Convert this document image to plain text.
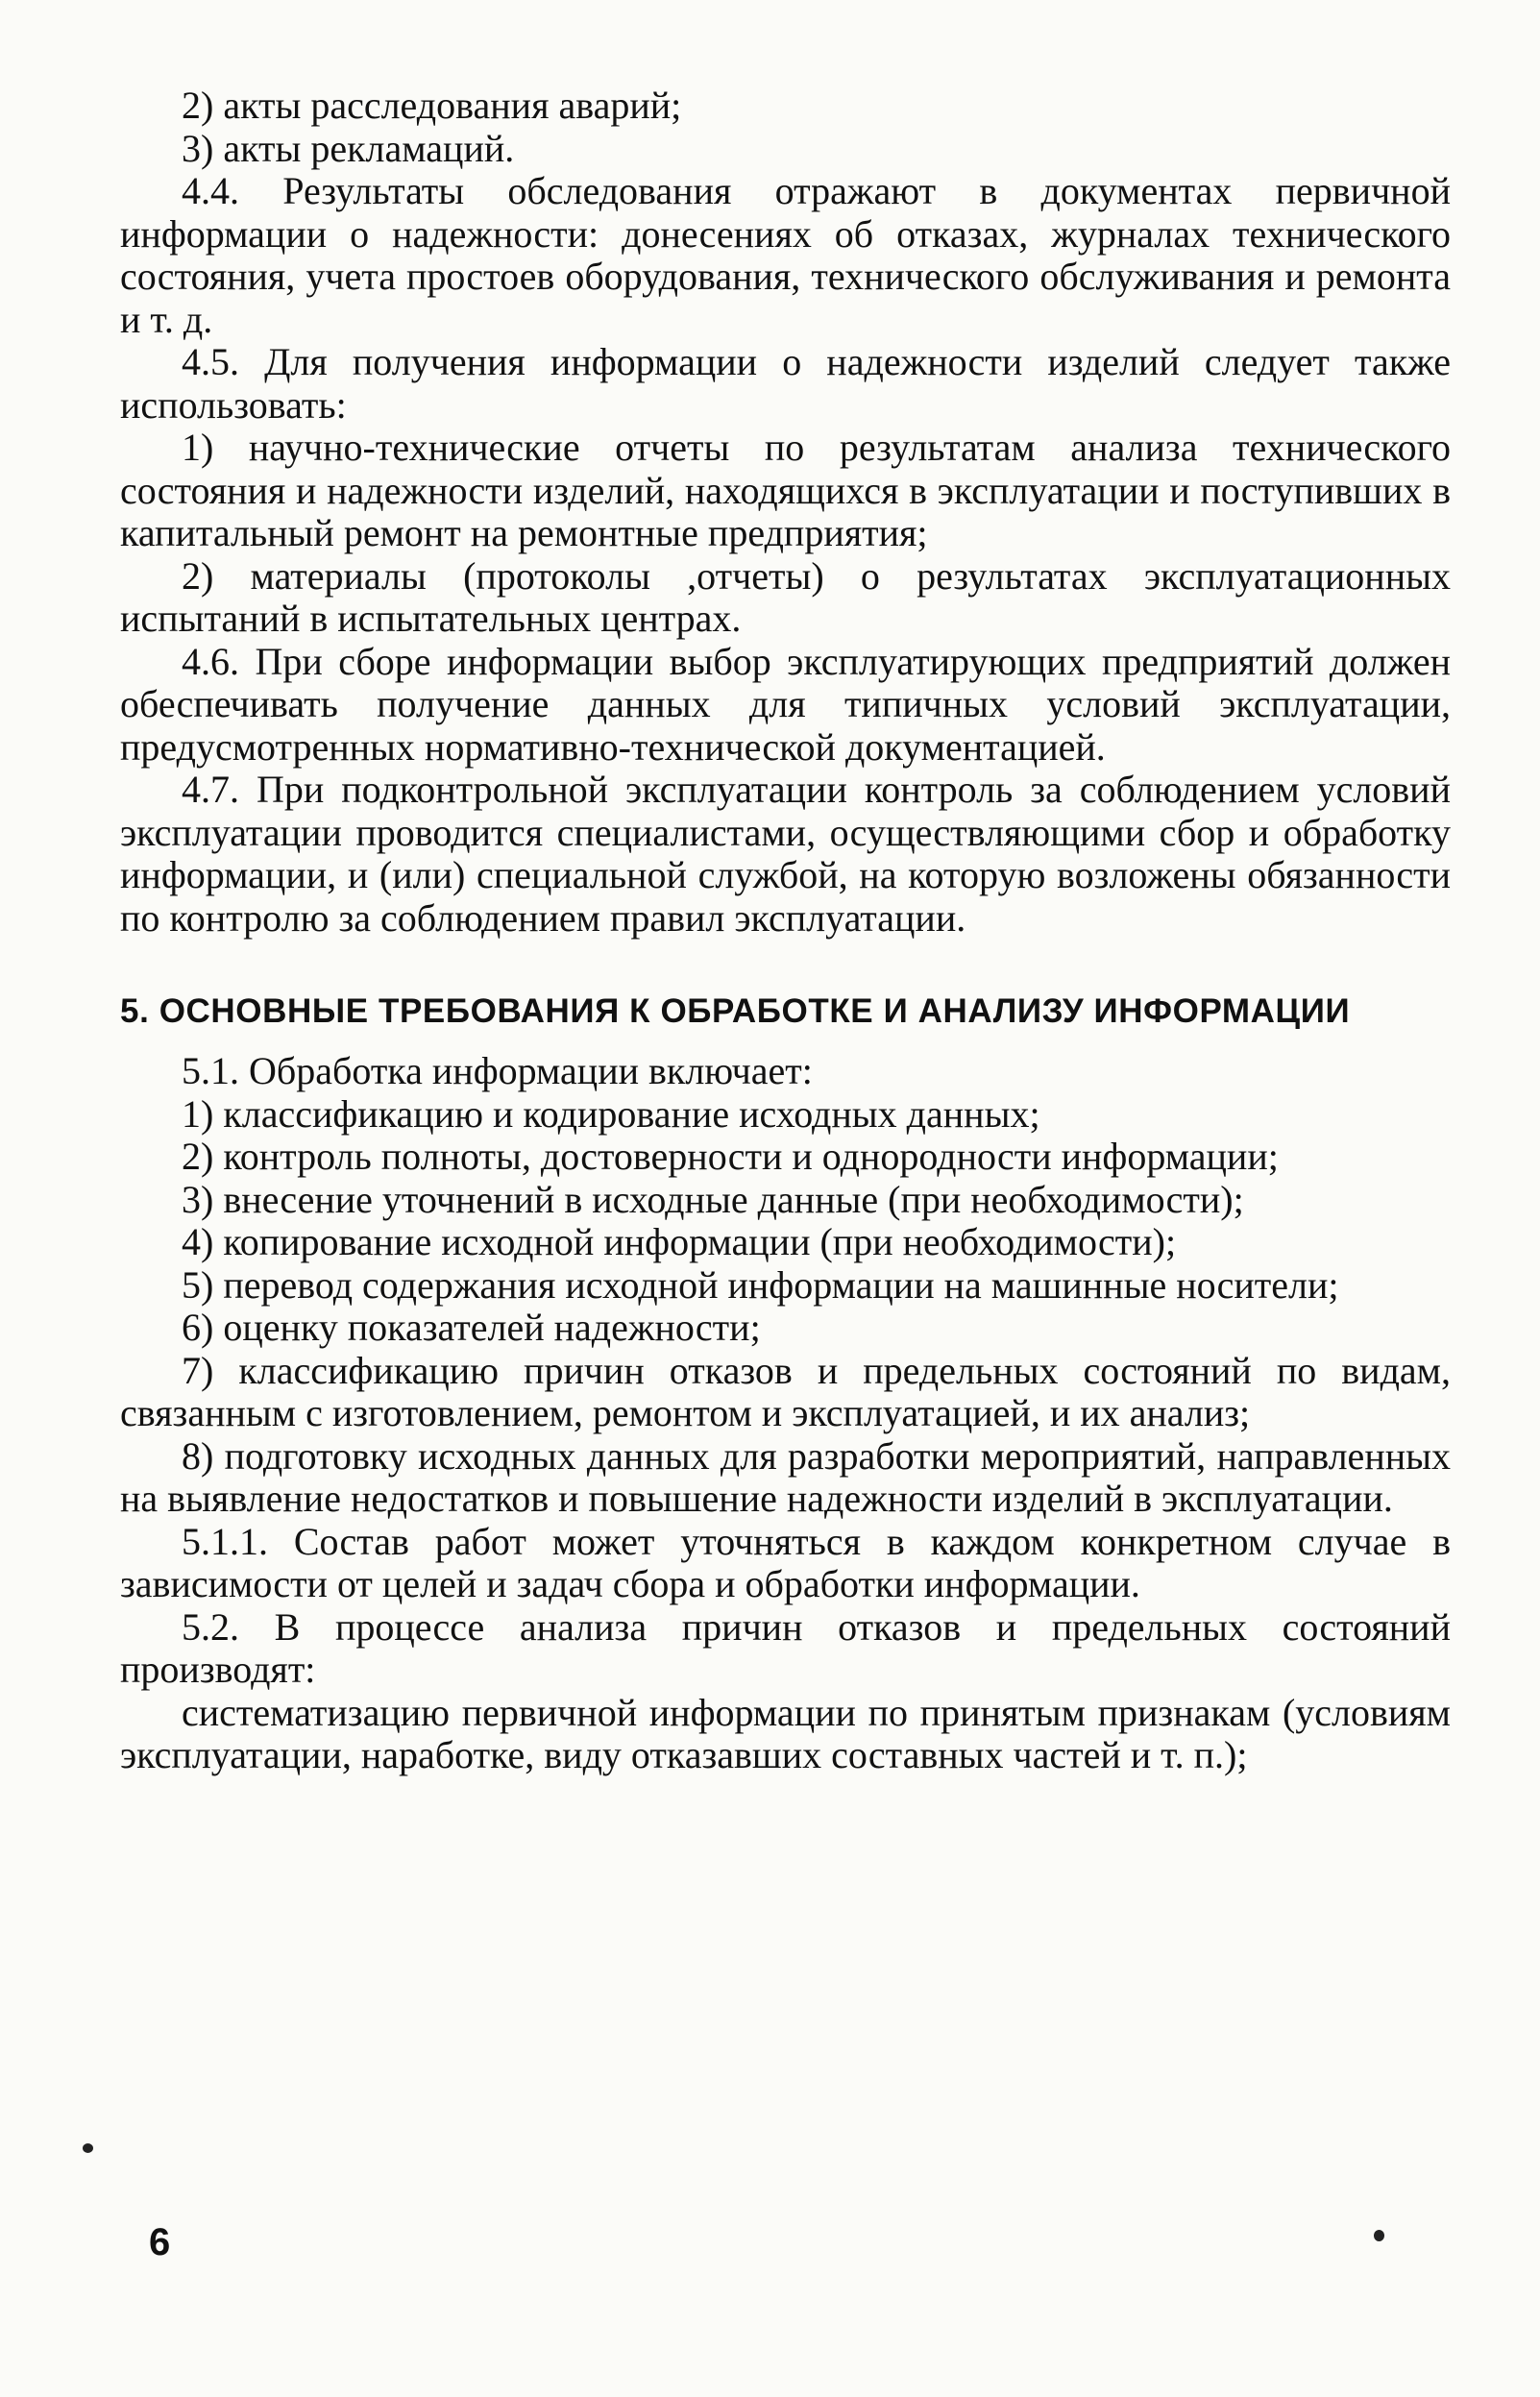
2) акты расследования аварий;

3) акты рекламаций.

4.4. Результаты обследования отражают в документах первичной информации о надежности: донесениях об отказах, журналах технического состояния, учета простоев оборудования, технического обслуживания и ремонта и т. д.

4.5. Для получения информации о надежности изделий следует также использовать:

1) научно-технические отчеты по результатам анализа технического состояния и надежности изделий, находящихся в эксплуатации и поступивших в капитальный ремонт на ремонтные предприятия;

2) материалы (протоколы ,отчеты) о результатах эксплуатационных испытаний в испытательных центрах.

4.6. При сборе информации выбор эксплуатирующих предприятий должен обеспечивать получение данных для типичных условий эксплуатации, предусмотренных нормативно-технической документацией.

4.7. При подконтрольной эксплуатации контроль за соблюдением условий эксплуатации проводится специалистами, осуществляющими сбор и обработку информации, и (или) специальной службой, на которую возложены обязанности по контролю за соблюдением правил эксплуатации.

5. ОСНОВНЫЕ ТРЕБОВАНИЯ К ОБРАБОТКЕ И АНАЛИЗУ ИНФОРМАЦИИ

5.1. Обработка информации включает:

1) классификацию и кодирование исходных данных;

2) контроль полноты, достоверности и однородности информации;

3) внесение уточнений в исходные данные (при необходимости);

4) копирование исходной информации (при необходимости);

5) перевод содержания исходной информации на машинные носители;

6) оценку показателей надежности;

7) классификацию причин отказов и предельных состояний по видам, связанным с изготовлением, ремонтом и эксплуатацией, и их анализ;

8) подготовку исходных данных для разработки мероприятий, направленных на выявление недостатков и повышение надежности изделий в эксплуатации.

5.1.1. Состав работ может уточняться в каждом конкретном случае в зависимости от целей и задач сбора и обработки информации.

5.2. В процессе анализа причин отказов и предельных состояний производят:

систематизацию первичной информации по принятым признакам (условиям эксплуатации, наработке, виду отказавших составных частей и т. п.);

6
